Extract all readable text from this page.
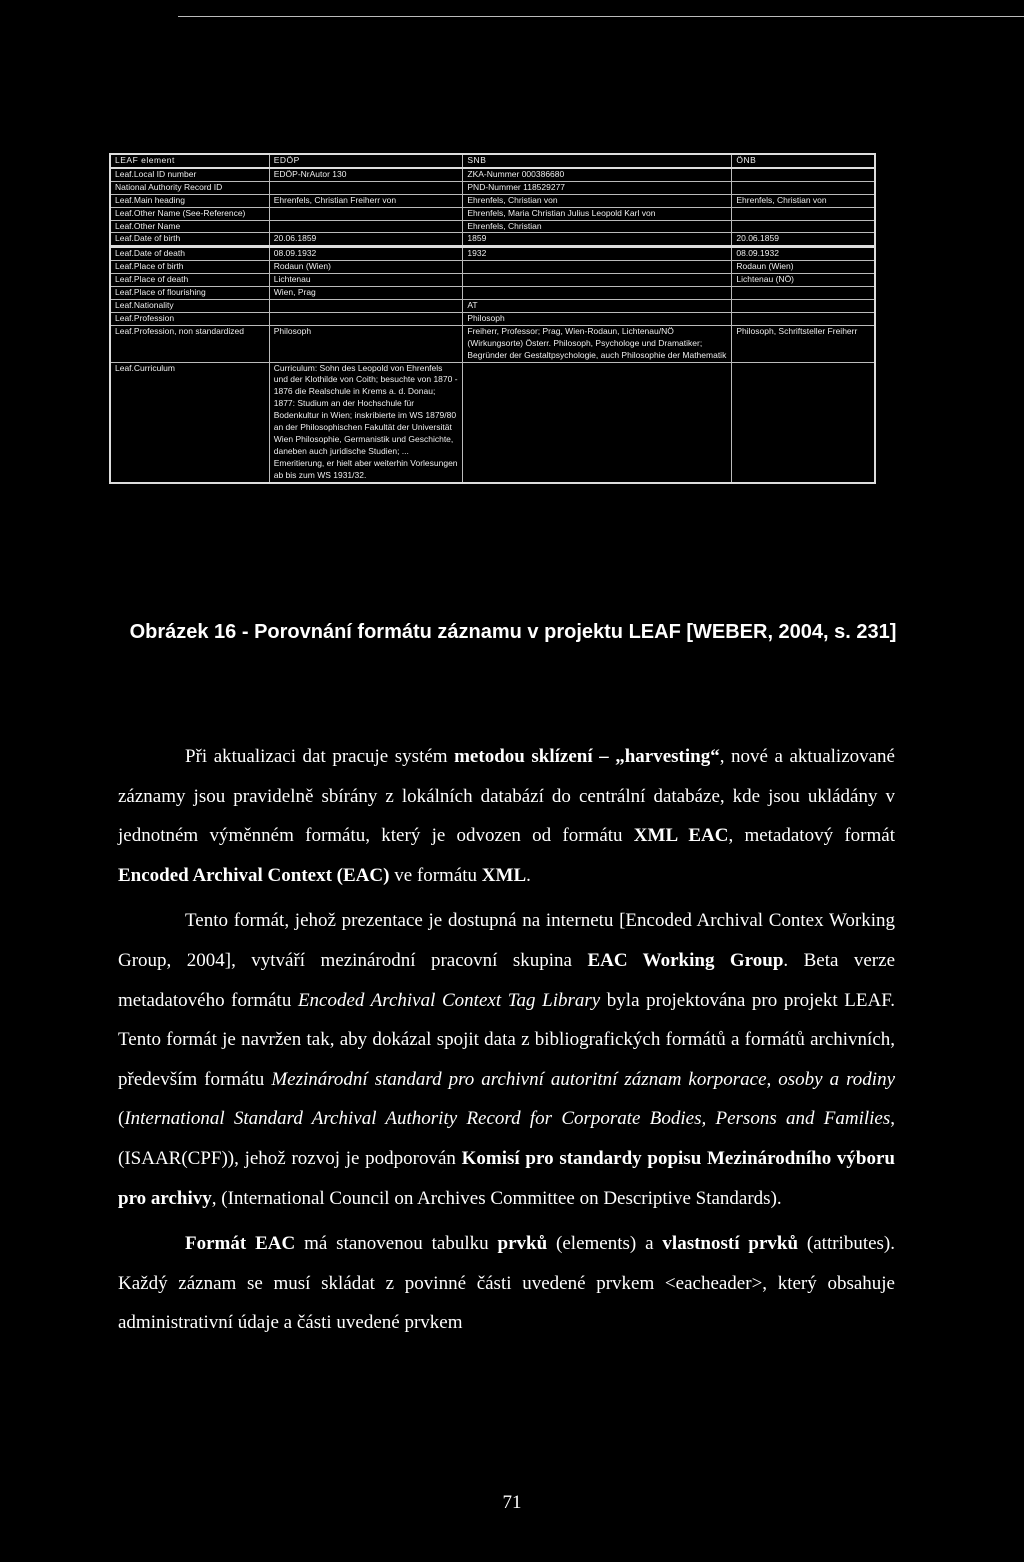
LEAF element	EDÖP	SNB	ÖNB
Leaf.Local ID number	EDÖP-NrAutor 130	ZKA-Nummer 000386680	
National Authority Record ID		PND-Nummer 118529277	
Leaf.Main heading	Ehrenfels, Christian Freiherr von	Ehrenfels, Christian von	Ehrenfels, Christian von
Leaf.Other Name (See-Reference)		Ehrenfels, Maria Christian Julius Leopold Karl von	
Leaf.Other Name		Ehrenfels, Christian	
Leaf.Date of birth	20.06.1859	1859	20.06.1859
Leaf.Date of death	08.09.1932	1932	08.09.1932
Leaf.Place of birth	Rodaun (Wien)		Rodaun (Wien)
Leaf.Place of death	Lichtenau		Lichtenau (NÖ)
Leaf.Place of flourishing	Wien, Prag		
Leaf.Nationality		AT	
Leaf.Profession		Philosoph	
Leaf.Profession, non standardized	Philosoph	Freiherr, Professor; Prag, Wien-Rodaun, Lichtenau/NÖ (Wirkungsorte) Österr. Philosoph, Psychologe und Dramatiker; Begründer der Gestaltpsychologie, auch Philosophie der Mathematik	Philosoph, Schriftsteller Freiherr
Leaf.Curriculum	Curriculum: Sohn des Leopold von Ehrenfels und der Klothilde von Coith; besuchte von 1870 - 1876 die Realschule in Krems a. d. Donau; 1877: Studium an der Hochschule für Bodenkultur in Wien; inskribierte im WS 1879/80 an der Philosophischen Fakultät der Universität Wien Philosophie, Germanistik und Geschichte, daneben auch juridische Studien; ... Emeritierung, er hielt aber weiterhin Vorlesungen ab bis zum WS 1931/32.		
Obrázek 16 - Porovnání formátu záznamu v projektu LEAF [WEBER, 2004, s. 231]

Při aktualizaci dat pracuje systém metodou sklízení – „harvesting“, nové a aktualizované záznamy jsou pravidelně sbírány z lokálních databází do centrální databáze, kde jsou ukládány v jednotném výměnném formátu, který je odvozen od formátu XML EAC, metadatový formát Encoded Archival Context (EAC) ve formátu XML.

Tento formát, jehož prezentace je dostupná na internetu [Encoded Archival Contex Working Group, 2004], vytváří mezinárodní pracovní skupina EAC Working Group. Beta verze metadatového formátu Encoded Archival Context Tag Library byla projektována pro projekt LEAF. Tento formát je navržen tak, aby dokázal spojit data z bibliografických formátů a formátů archivních, především formátu Mezinárodní standard pro archivní autoritní záznam korporace, osoby a rodiny (International Standard Archival Authority Record for Corporate Bodies, Persons and Families, (ISAAR(CPF)), jehož rozvoj je podporován Komisí pro standardy popisu Mezinárodního výboru pro archivy, (International Council on Archives Committee on Descriptive Standards).

Formát EAC má stanovenou tabulku prvků (elements) a vlastností prvků (attributes). Každý záznam se musí skládat z povinné části uvedené prvkem <eacheader>, který obsahuje administrativní údaje a části uvedené prvkem

71
